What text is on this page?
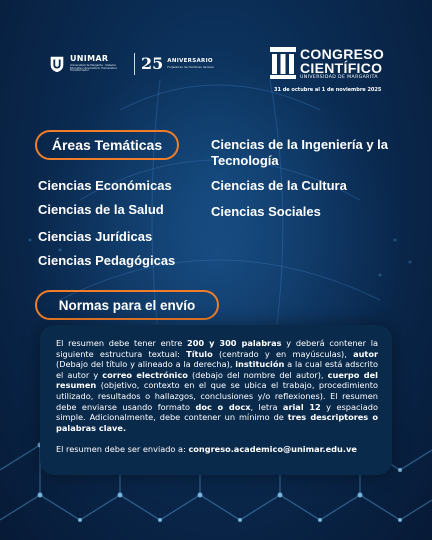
UNIMAR
Universidad de Margarita · Sistema Educativo Universitario Humanístico Transformador	25 ANIVERSARIO
Forjadores de hombres de bien
CONGRESO
CIENTÍFICO
UNIVERSIDAD DE MARGARITA
31 de octubre al 1 de noviembre 2025
Áreas Temáticas
Ciencias Económicas
Ciencias de la Salud
Ciencias Jurídicas
Ciencias Pedagógicas
Ciencias de la Ingeniería y la Tecnología
Ciencias de la Cultura
Ciencias Sociales
Normas para el envío
El resumen debe tener entre 200 y 300 palabras y deberá contener la siguiente estructura textual: Título (centrado y en mayúsculas), autor (Debajo del título y alineado a la derecha), institución a la cual está adscrito el autor y correo electrónico (debajo del nombre del autor), cuerpo del resumen (objetivo, contexto en el que se ubica el trabajo, procedimiento utilizado, resultados o hallazgos, conclusiones y/o reflexiones). El resumen debe enviarse usando formato doc o docx, letra arial 12 y espaciado simple. Adicionalmente, debe contener un mínimo de tres descriptores o palabras clave.
El resumen debe ser enviado a: congreso.academico@unimar.edu.ve
